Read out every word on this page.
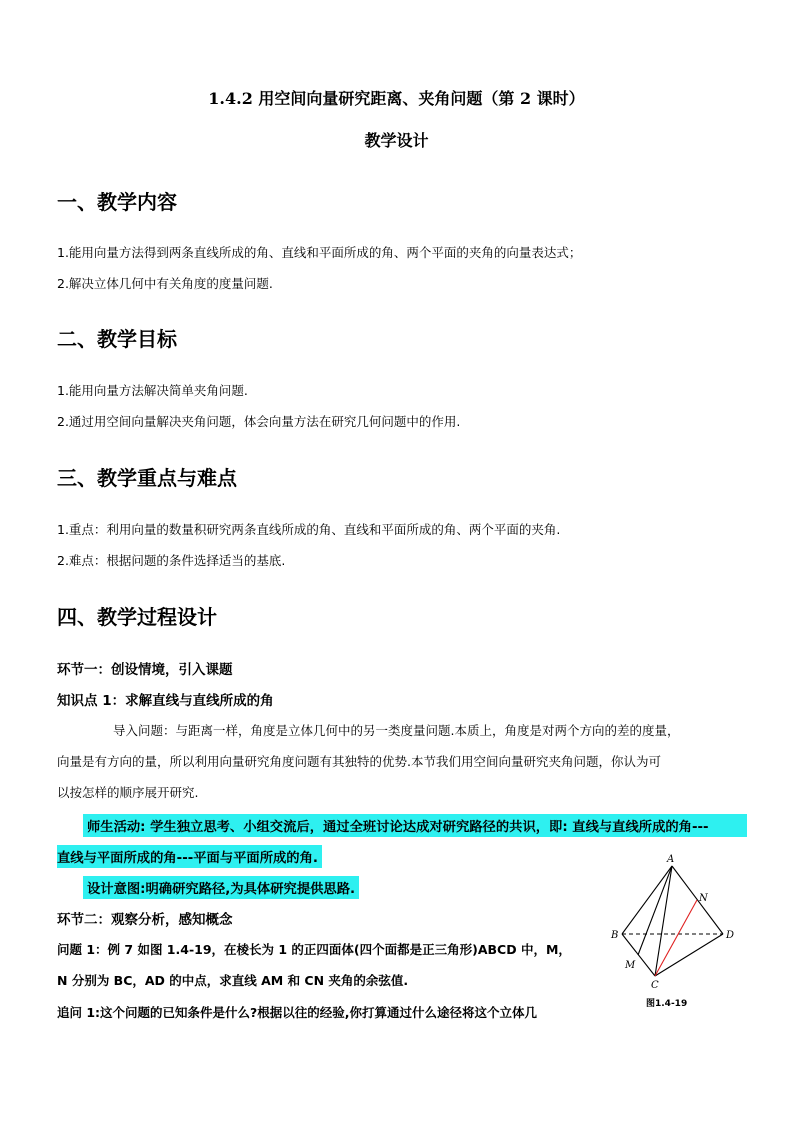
1.4.2 用空间向量研究距离、夹角问题（第 2 课时）
教学设计
一、教学内容
1.能用向量方法得到两条直线所成的角、直线和平面所成的角、两个平面的夹角的向量表达式；
2.解决立体几何中有关角度的度量问题.
二、教学目标
1.能用向量方法解决简单夹角问题.
2.通过用空间向量解决夹角问题，体会向量方法在研究几何问题中的作用.
三、教学重点与难点
1.重点：利用向量的数量积研究两条直线所成的角、直线和平面所成的角、两个平面的夹角.
2.难点：根据问题的条件选择适当的基底.
四、教学过程设计
环节一：创设情境，引入课题
知识点 1：求解直线与直线所成的角
导入问题：与距离一样，角度是立体几何中的另一类度量问题.本质上，角度是对两个方向的差的度量，
向量是有方向的量，所以利用向量研究角度问题有其独特的优势.本节我们用空间向量研究夹角问题，你认为可
以按怎样的顺序展开研究.
师生活动: 学生独立思考、小组交流后，通过全班讨论达成对研究路径的共识，即: 直线与直线所成的角---
直线与平面所成的角---平面与平面所成的角.
设计意图:明确研究路径,为具体研究提供思路.
环节二：观察分析，感知概念
问题 1：例 7 如图 1.4-19，在棱长为 1 的正四面体(四个面都是正三角形)ABCD 中，M，
N 分别为 BC，AD 的中点，求直线 AM 和 CN 夹角的余弦值.
追问 1:这个问题的已知条件是什么?根据以往的经验,你打算通过什么途径将这个立体几
A
B
C
D
M
N
图1.4-19
